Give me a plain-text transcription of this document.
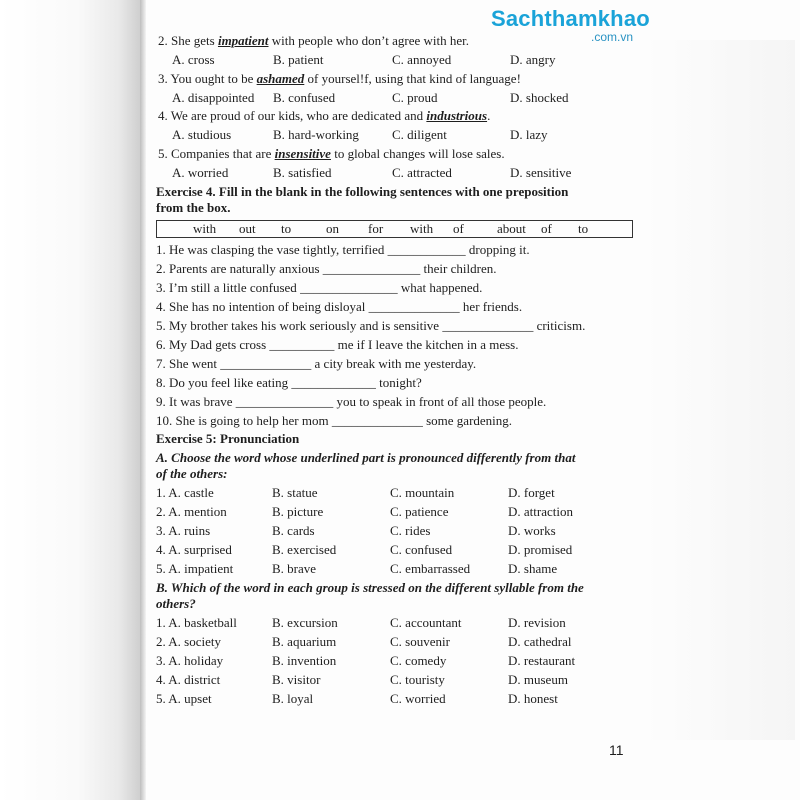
Sachthamkhao
.com.vn
2. She gets impatient with people who don’t agree with her.
A. cross	B. patient	C. annoyed	D. angry
3. You ought to be ashamed of yoursel!f, using that kind of language!
A. disappointed B. confused	C. proud	D. shocked
4. We are proud of our kids, who are dedicated and industrious.
A. studious	B. hard-working	C. diligent	D. lazy
5. Companies that are insensitive to global changes will lose sales.
A. worried	B. satisfied	C. attracted	D. sensitive
Exercise 4. Fill in the blank in the following sentences with one preposition
from the box.
with out to	on for with of	about of to
1. He was clasping the vase tightly, terrified ____________ dropping it.
2. Parents are naturally anxious _______________ their children.
3. I’m still a little confused _______________ what happened.
4. She has no intention of being disloyal ______________ her friends.
5. My brother takes his work seriously and is sensitive ______________ criticism.
6. My Dad gets cross __________ me if I leave the kitchen in a mess.
7. She went ______________ a city break with me yesterday.
8. Do you feel like eating _____________ tonight?
9. It was brave _______________ you to speak in front of all those people.
10. She is going to help her mom ______________ some gardening.
Exercise 5: Pronunciation
A. Choose the word whose underlined part is pronounced differently from that
of the others:
1. A. castle	B. statue	C. mountain	D. forget
2. A. mention	B. picture	C. patience	D. attraction
3. A. ruins	B. cards	C. rides	D. works
4. A. surprised	B. exercised	C. confused	D. promised
5. A. impatient	B. brave	C. embarrassed	D. shame
B. Which of the word in each group is stressed on the different syllable from the
others?
1. A. basketball	B. excursion	C. accountant	D. revision
2. A. society	B. aquarium	C. souvenir	D. cathedral
3. A. holiday	B. invention	C. comedy	D. restaurant
4. A. district	B. visitor	C. touristy	D. museum
5. A. upset	B. loyal	C. worried	D. honest
11
